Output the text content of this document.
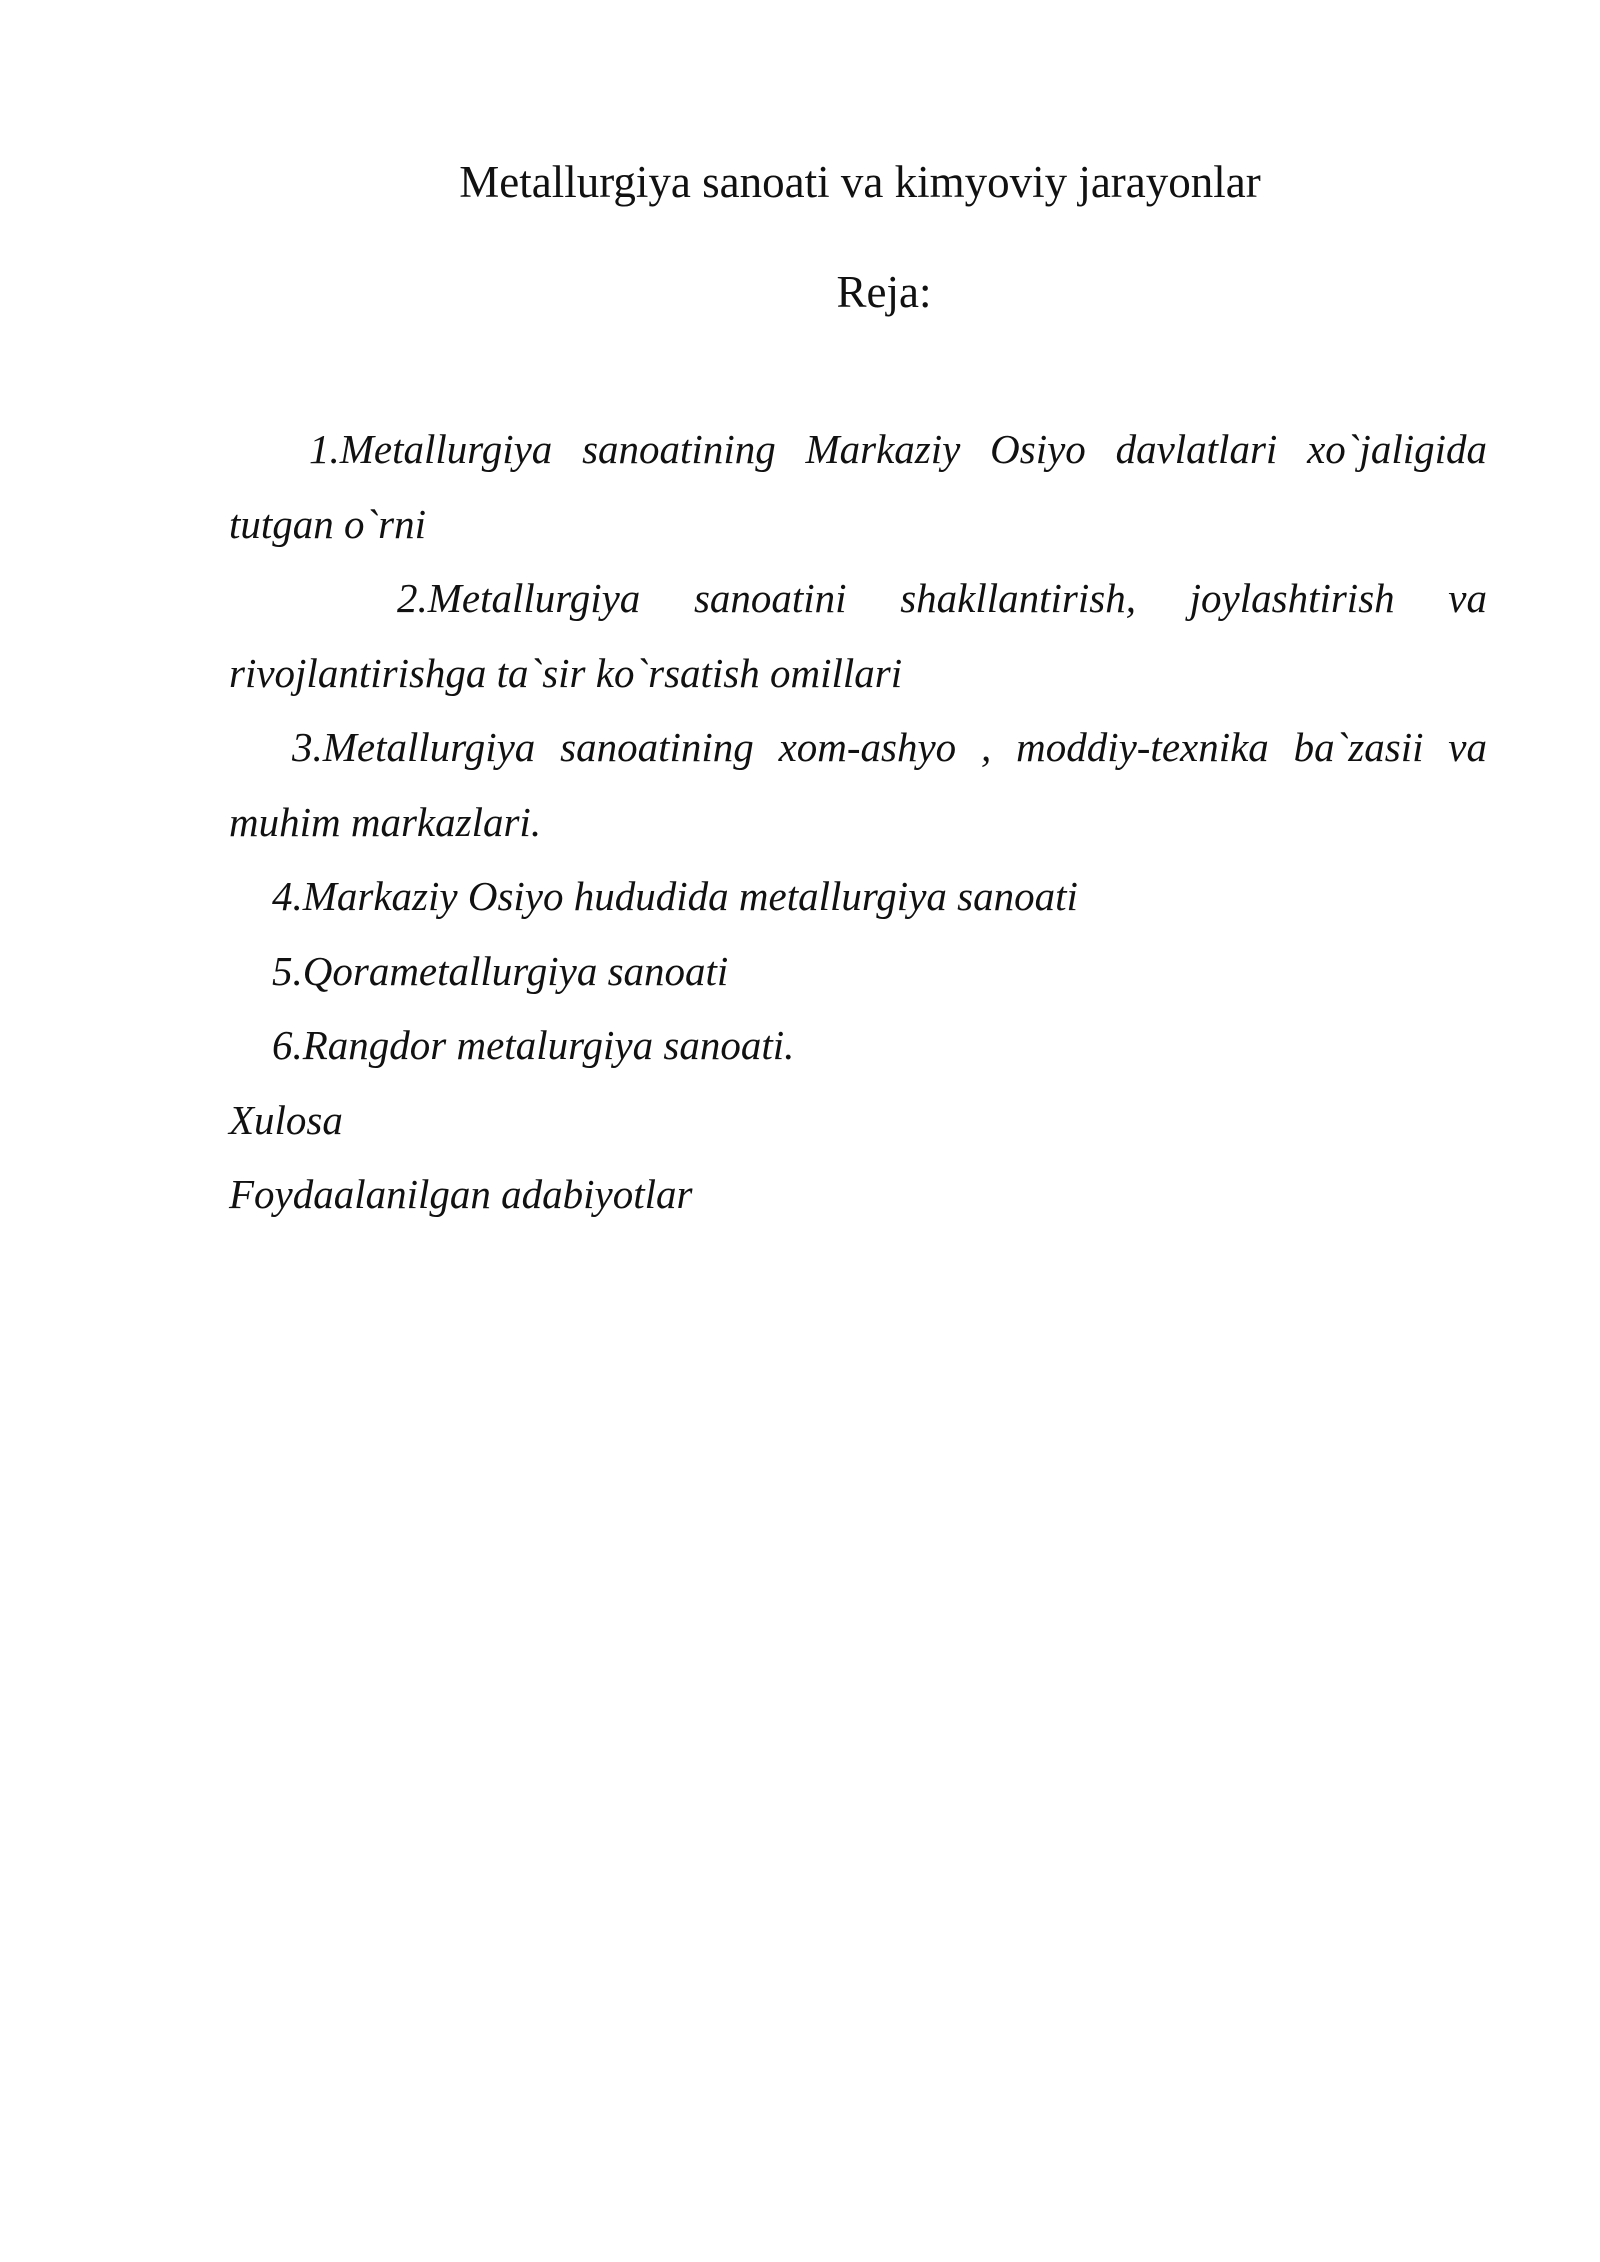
Metallurgiya sanoati va kimyoviy jarayonlar
Reja:

1.Metallurgiya sanoatining Markaziy Osiyo davlatlari xo`jaligida tutgan o`rni

2.Metallurgiya sanoatini shakllantirish, joylashtirish va rivojlantirishga ta`sir ko`rsatish omillari

3.Metallurgiya sanoatining xom-ashyo , moddiy-texnika ba`zasii va muhim markazlari.

4.Markaziy Osiyo hududida metallurgiya sanoati

5.Qorametallurgiya sanoati

6.Rangdor metalurgiya sanoati.

Xulosa

Foydaalanilgan adabiyotlar
